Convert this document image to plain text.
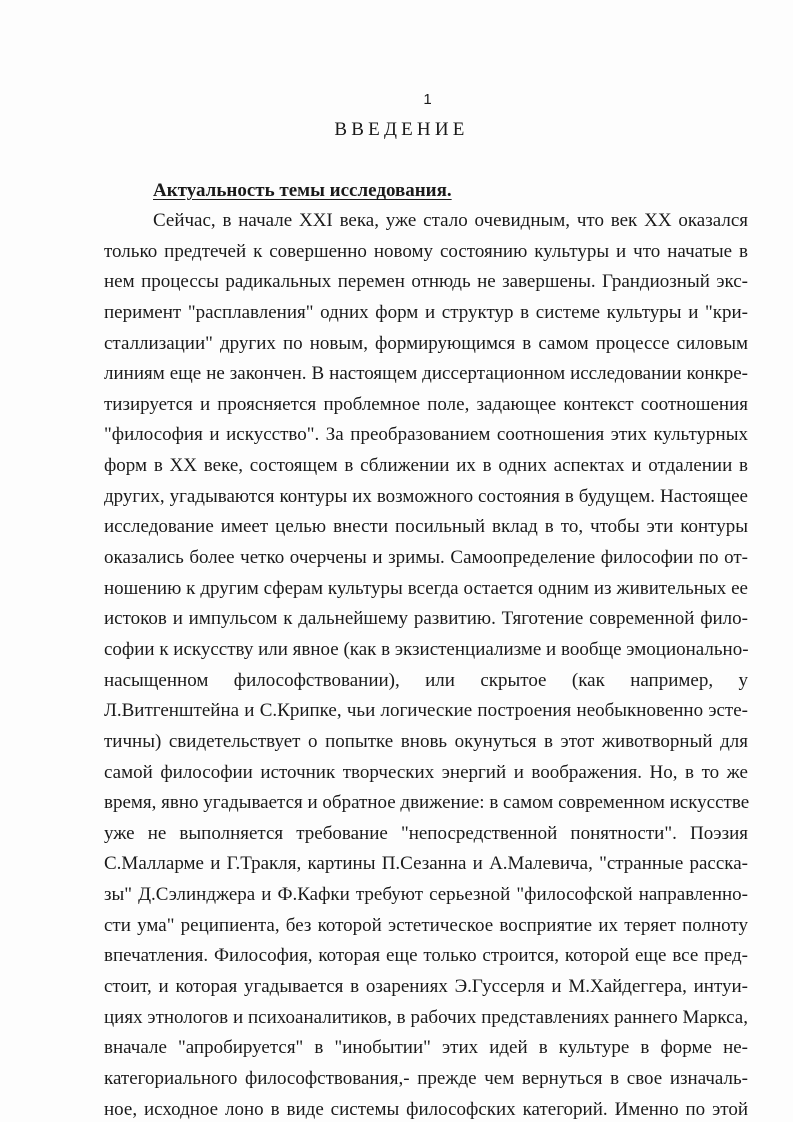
1
ВВЕДЕНИЕ
Актуальность темы исследования.
Сейчас, в начале XXI века, уже стало очевидным, что век XX оказался
только предтечей к совершенно новому состоянию культуры и что начатые в
нем процессы радикальных перемен отнюдь не завершены. Грандиозный экс-
перимент "расплавления" одних форм и структур в системе культуры и "кри-
сталлизации" других по новым, формирующимся в самом процессе силовым
линиям еще не закончен. В настоящем диссертационном исследовании конкре-
тизируется и проясняется проблемное поле, задающее контекст соотношения
"философия и искусство". За преобразованием соотношения этих культурных
форм в XX веке, состоящем в сближении их в одних аспектах и отдалении в
других, угадываются контуры их возможного состояния в будущем. Настоящее
исследование имеет целью внести посильный вклад в то, чтобы эти контуры
оказались более четко очерчены и зримы. Самоопределение философии по от-
ношению к другим сферам культуры всегда остается одним из живительных ее
истоков и импульсом к дальнейшему развитию. Тяготение современной фило-
софии к искусству или явное (как в экзистенциализме и вообще эмоционально-
насыщенном философствовании), или скрытое (как например, у
Л.Витгенштейна и С.Крипке, чьи логические построения необыкновенно эсте-
тичны) свидетельствует о попытке вновь окунуться в этот животворный для
самой философии источник творческих энергий и воображения. Но, в то же
время, явно угадывается и обратное движение: в самом современном искусстве
уже не выполняется требование "непосредственной понятности". Поэзия
С.Малларме и Г.Тракля, картины П.Сезанна и А.Малевича, "странные расска-
зы" Д.Сэлинджера и Ф.Кафки требуют серьезной "философской направленно-
сти ума" реципиента, без которой эстетическое восприятие их теряет полноту
впечатления. Философия, которая еще только строится, которой еще все пред-
стоит, и которая угадывается в озарениях Э.Гуссерля и М.Хайдеггера, интуи-
циях этнологов и психоаналитиков, в рабочих представлениях раннего Маркса,
вначале "апробируется" в "инобытии" этих идей в культуре в форме не-
категориального философствования,- прежде чем вернуться в свое изначаль-
ное, исходное лоно в виде системы философских категорий. Именно по этой
